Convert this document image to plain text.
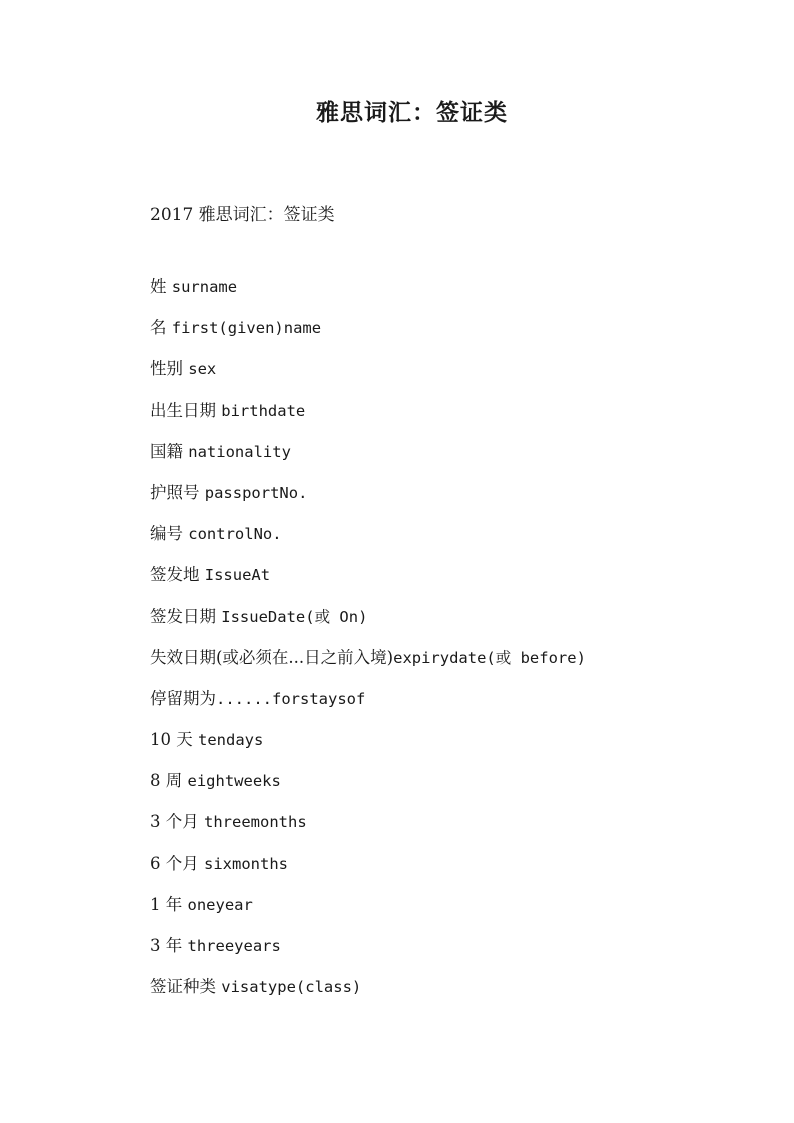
雅思词汇：签证类

2017 雅思词汇：签证类

姓 surname
名 first(given)name
性别 sex
出生日期 birthdate
国籍 nationality
护照号 passportNo.
编号 controlNo.
签发地 IssueAt
签发日期 IssueDate(或 On)
失效日期(或必须在...日之前入境)expirydate(或 before)
停留期为......forstaysof
10 天 tendays
8 周 eightweeks
3 个月 threemonths
6 个月 sixmonths
1 年 oneyear
3 年 threeyears
签证种类 visatype(class)
